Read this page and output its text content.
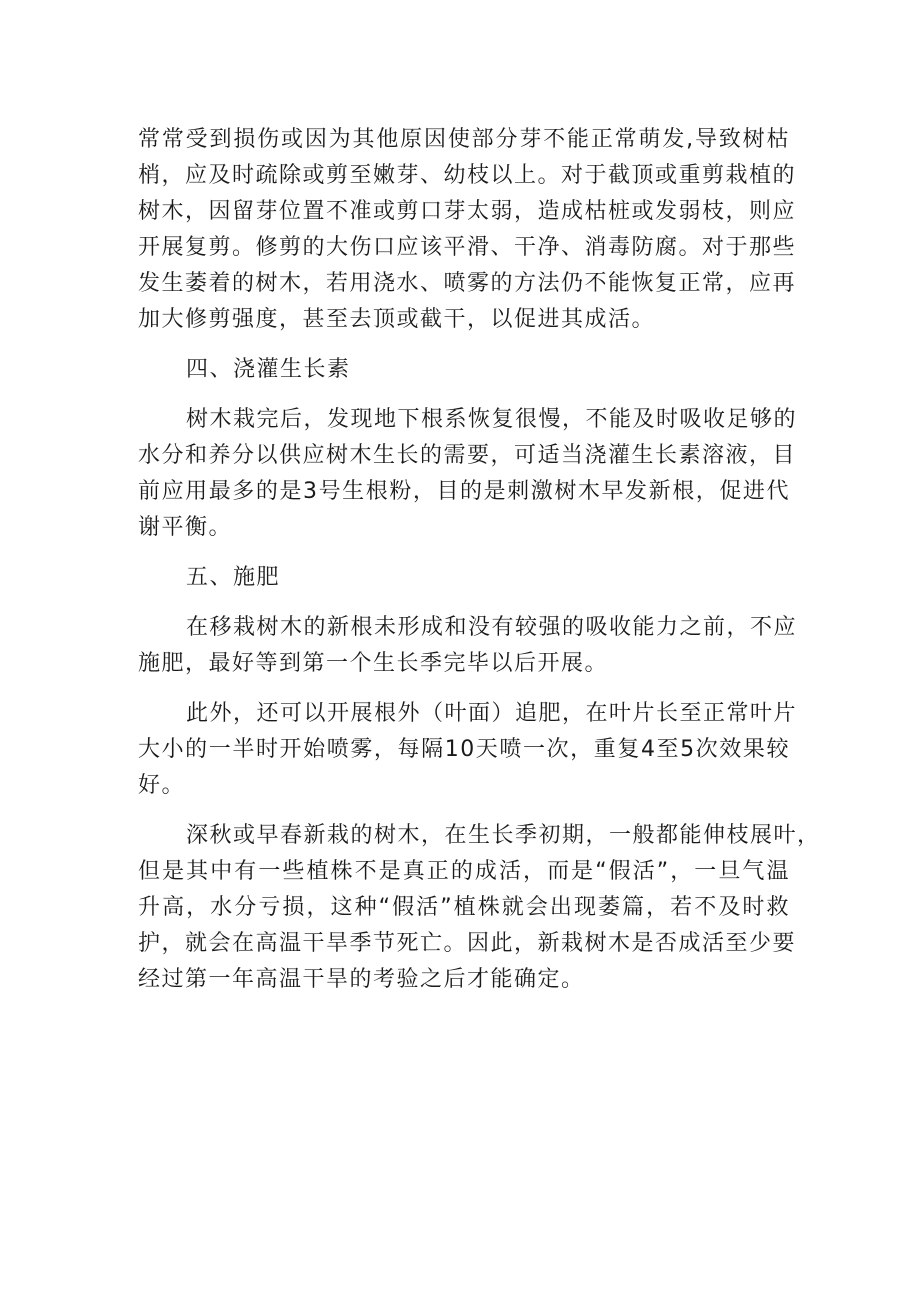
常常受到损伤或因为其他原因使部分芽不能正常萌发,导致树枯
梢，应及时疏除或剪至嫩芽、幼枝以上。对于截顶或重剪栽植的
树木，因留芽位置不准或剪口芽太弱，造成枯桩或发弱枝，则应
开展复剪。修剪的大伤口应该平滑、干净、消毒防腐。对于那些
发生萎着的树木，若用浇水、喷雾的方法仍不能恢复正常，应再
加大修剪强度，甚至去顶或截干，以促进其成活。
四、浇灌生长素
树木栽完后，发现地下根系恢复很慢，不能及时吸收足够的
水分和养分以供应树木生长的需要，可适当浇灌生长素溶液，目
前应用最多的是3号生根粉，目的是刺激树木早发新根，促进代
谢平衡。
五、施肥
在移栽树木的新根未形成和没有较强的吸收能力之前，不应
施肥，最好等到第一个生长季完毕以后开展。
此外，还可以开展根外（叶面）追肥，在叶片长至正常叶片
大小的一半时开始喷雾，每隔10天喷一次，重复4至5次效果较
好。
深秋或早春新栽的树木，在生长季初期，一般都能伸枝展叶，
但是其中有一些植株不是真正的成活，而是“假活”，一旦气温
升高，水分亏损，这种“假活”植株就会出现萎篇，若不及时救
护，就会在高温干旱季节死亡。因此，新栽树木是否成活至少要
经过第一年高温干旱的考验之后才能确定。
